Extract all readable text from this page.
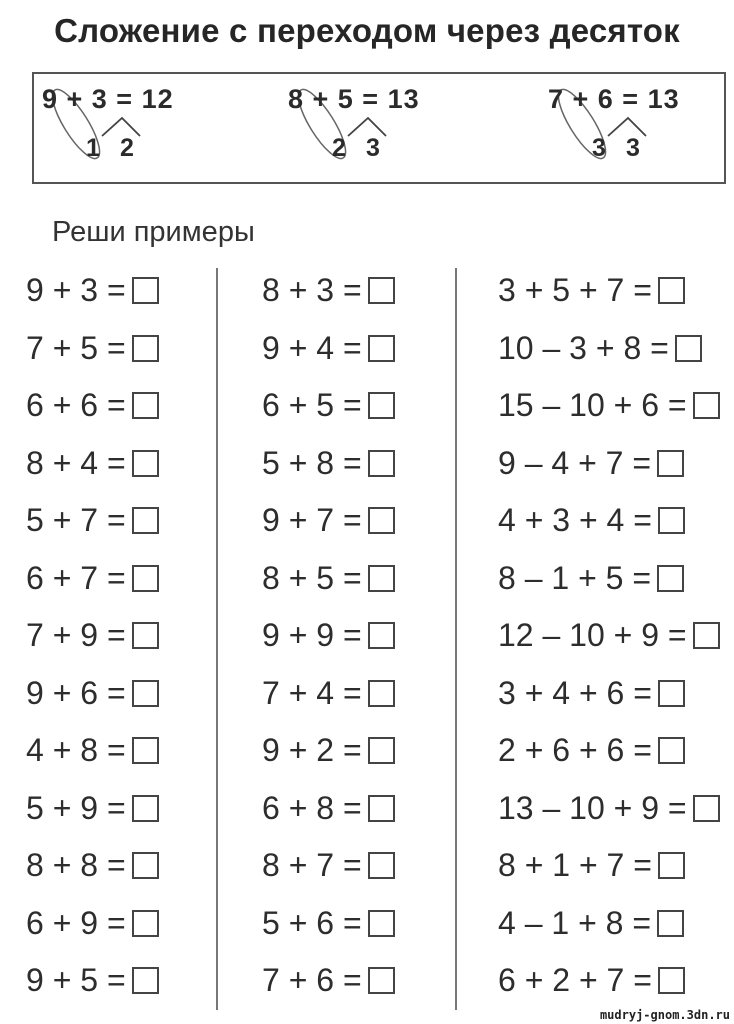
Сложение с переходом через десяток
9 + 3 = 12
1 2
8 + 5 = 13
2 3
7 + 6 = 13
3 3
Реши примеры
9 + 3 =
7 + 5 =
6 + 6 =
8 + 4 =
5 + 7 =
6 + 7 =
7 + 9 =
9 + 6 =
4 + 8 =
5 + 9 =
8 + 8 =
6 + 9 =
9 + 5 =
8 + 3 =
9 + 4 =
6 + 5 =
5 + 8 =
9 + 7 =
8 + 5 =
9 + 9 =
7 + 4 =
9 + 2 =
6 + 8 =
8 + 7 =
5 + 6 =
7 + 6 =
3 + 5 + 7 =
10 – 3 + 8 =
15 – 10 + 6 =
9 – 4 + 7 =
4 + 3 + 4 =
8 – 1 + 5 =
12 – 10 + 9 =
3 + 4 + 6 =
2 + 6 + 6 =
13 – 10 + 9 =
8 + 1 + 7 =
4 – 1 + 8 =
6 + 2 + 7 =
mudryj-gnom.3dn.ru
